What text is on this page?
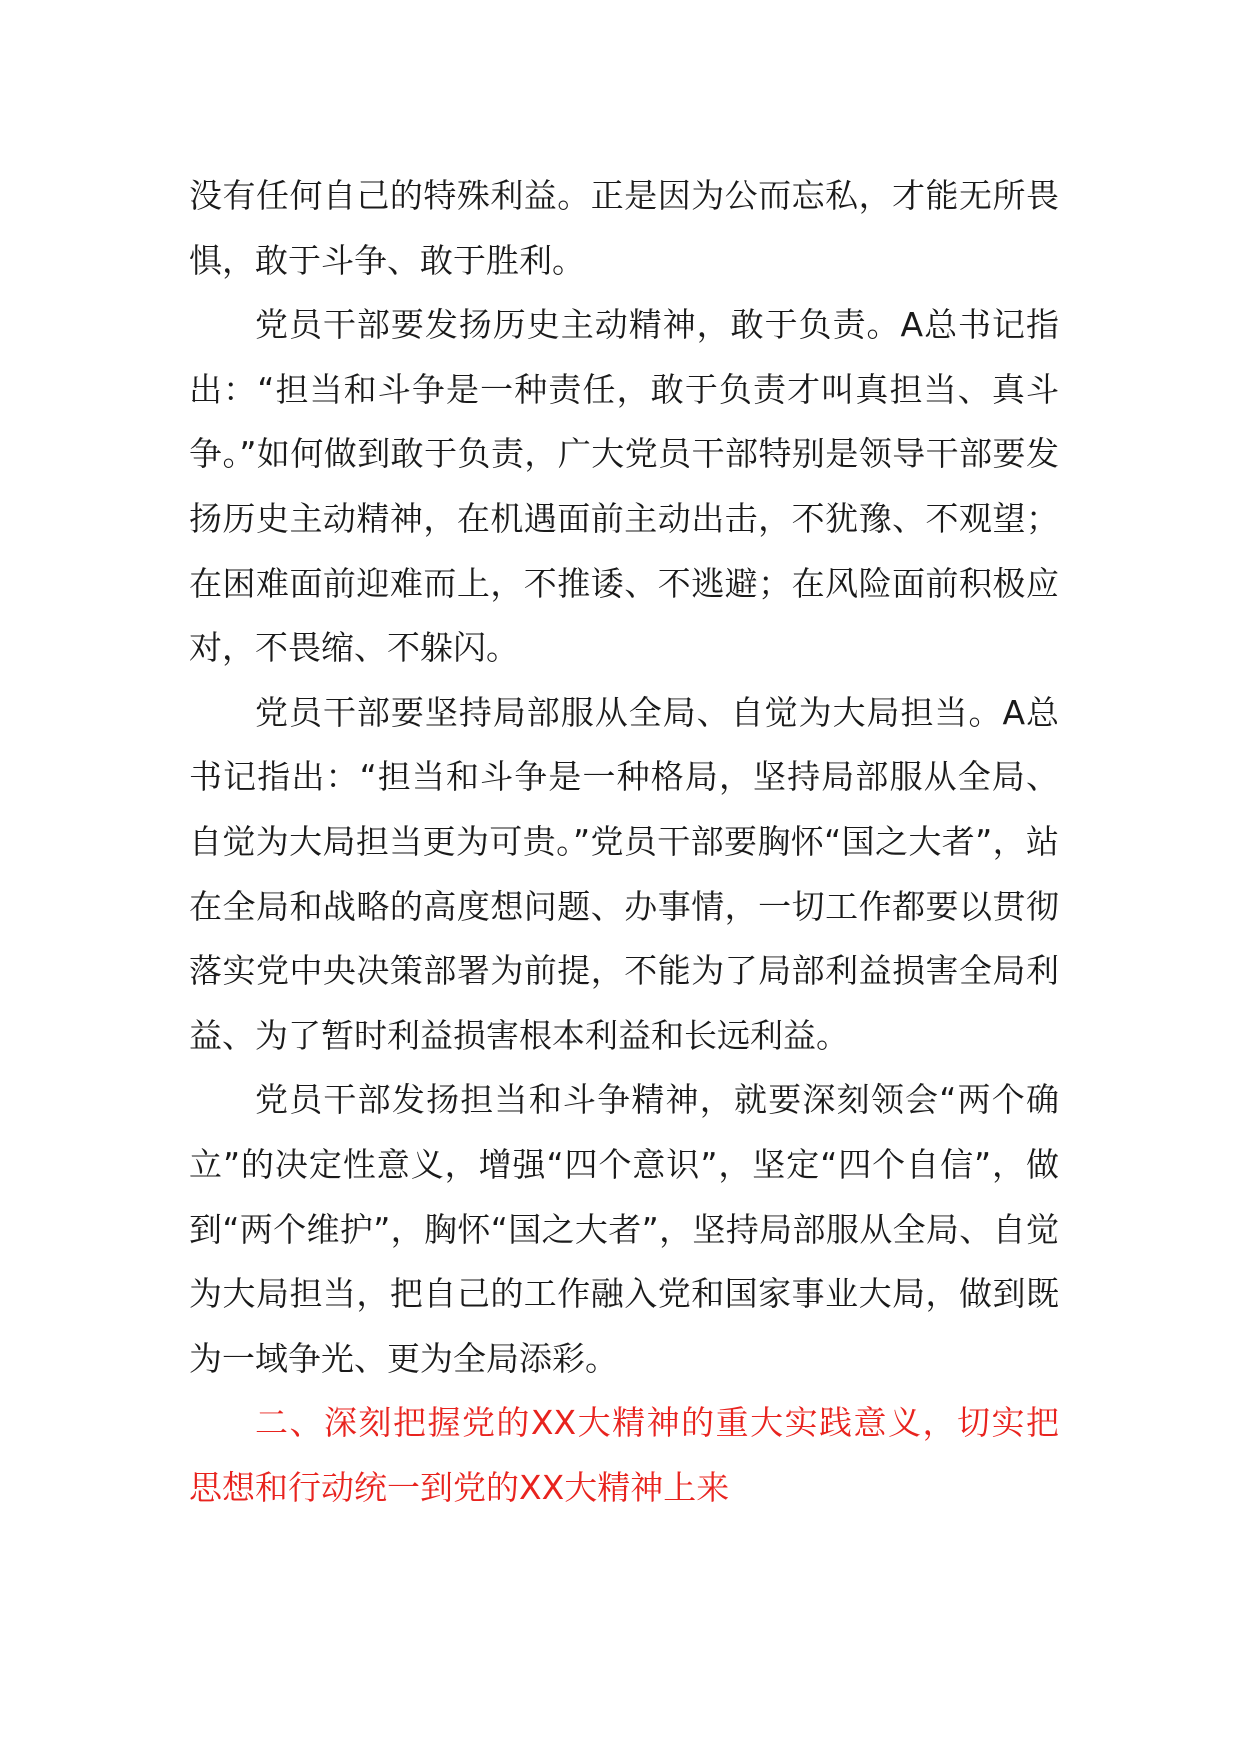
没有任何自己的特殊利益。正是因为公而忘私，才能无所畏惧，敢于斗争、敢于胜利。

党员干部要发扬历史主动精神，敢于负责。A总书记指出：“担当和斗争是一种责任，敢于负责才叫真担当、真斗争。”如何做到敢于负责，广大党员干部特别是领导干部要发扬历史主动精神，在机遇面前主动出击，不犹豫、不观望；在困难面前迎难而上，不推诿、不逃避；在风险面前积极应对，不畏缩、不躲闪。

党员干部要坚持局部服从全局、自觉为大局担当。A总书记指出：“担当和斗争是一种格局，坚持局部服从全局、自觉为大局担当更为可贵。”党员干部要胸怀“国之大者”，站在全局和战略的高度想问题、办事情，一切工作都要以贯彻落实党中央决策部署为前提，不能为了局部利益损害全局利益、为了暂时利益损害根本利益和长远利益。

党员干部发扬担当和斗争精神，就要深刻领会“两个确立”的决定性意义，增强“四个意识”，坚定“四个自信”，做到“两个维护”，胸怀“国之大者”，坚持局部服从全局、自觉为大局担当，把自己的工作融入党和国家事业大局，做到既为一域争光、更为全局添彩。

二、深刻把握党的XX大精神的重大实践意义，切实把思想和行动统一到党的XX大精神上来
